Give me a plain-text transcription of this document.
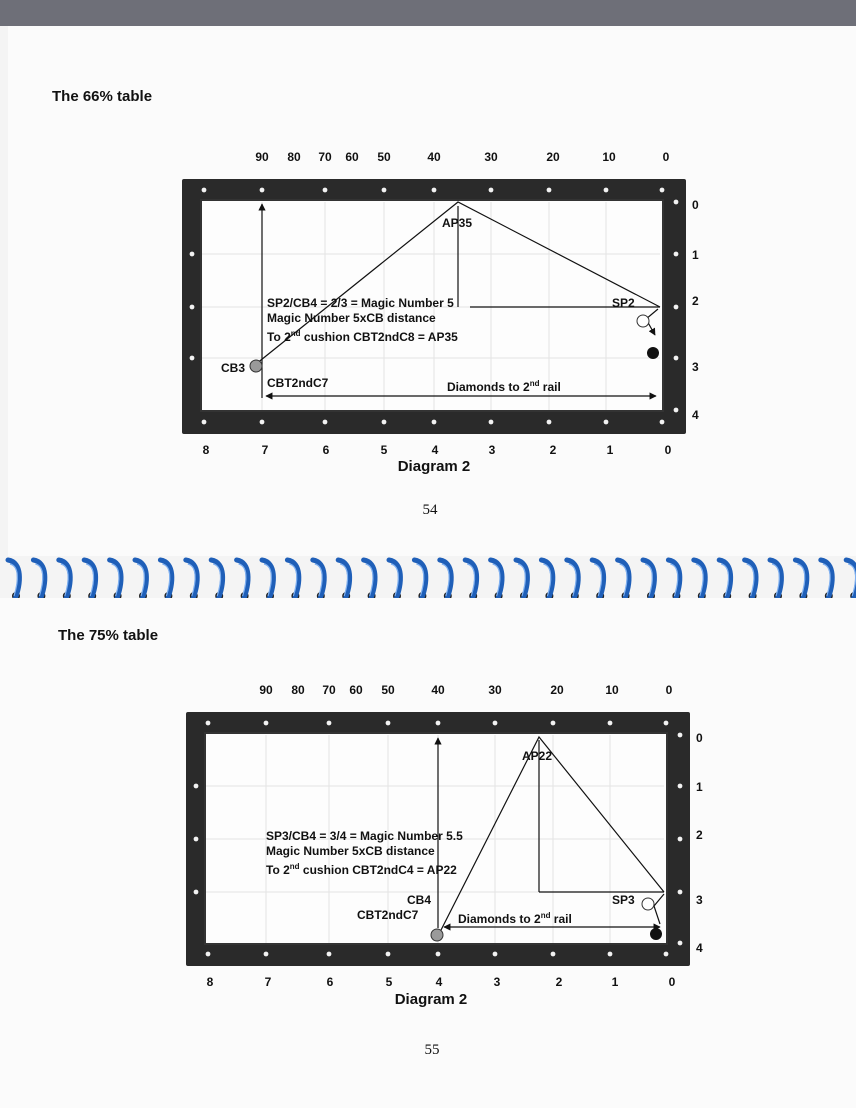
The 66% table
90 80 70 60 50	40	30	20	10	0
0
1
2
3
4
AP35
SP2
CB3
SP2/CB4 = 2/3 = Magic Number 5
Magic Number 5xCB distance
To 2nd cushion CBT2ndC8 = AP35
CBT2ndC7	Diamonds to 2nd rail
8	7	6	5	4	3	2	1	0
Diagram 2
54
The 75% table
90 80 70 60 50	40	30	20	10	0
0
1
2
3
4
AP22
SP3
CB4
SP3/CB4 = 3/4 = Magic Number 5.5
Magic Number 5xCB distance
To 2nd cushion CBT2ndC4 = AP22
CBT2ndC7	Diamonds to 2nd rail
8	7	6	5	4	3	2	1	0
Diagram 2
55
